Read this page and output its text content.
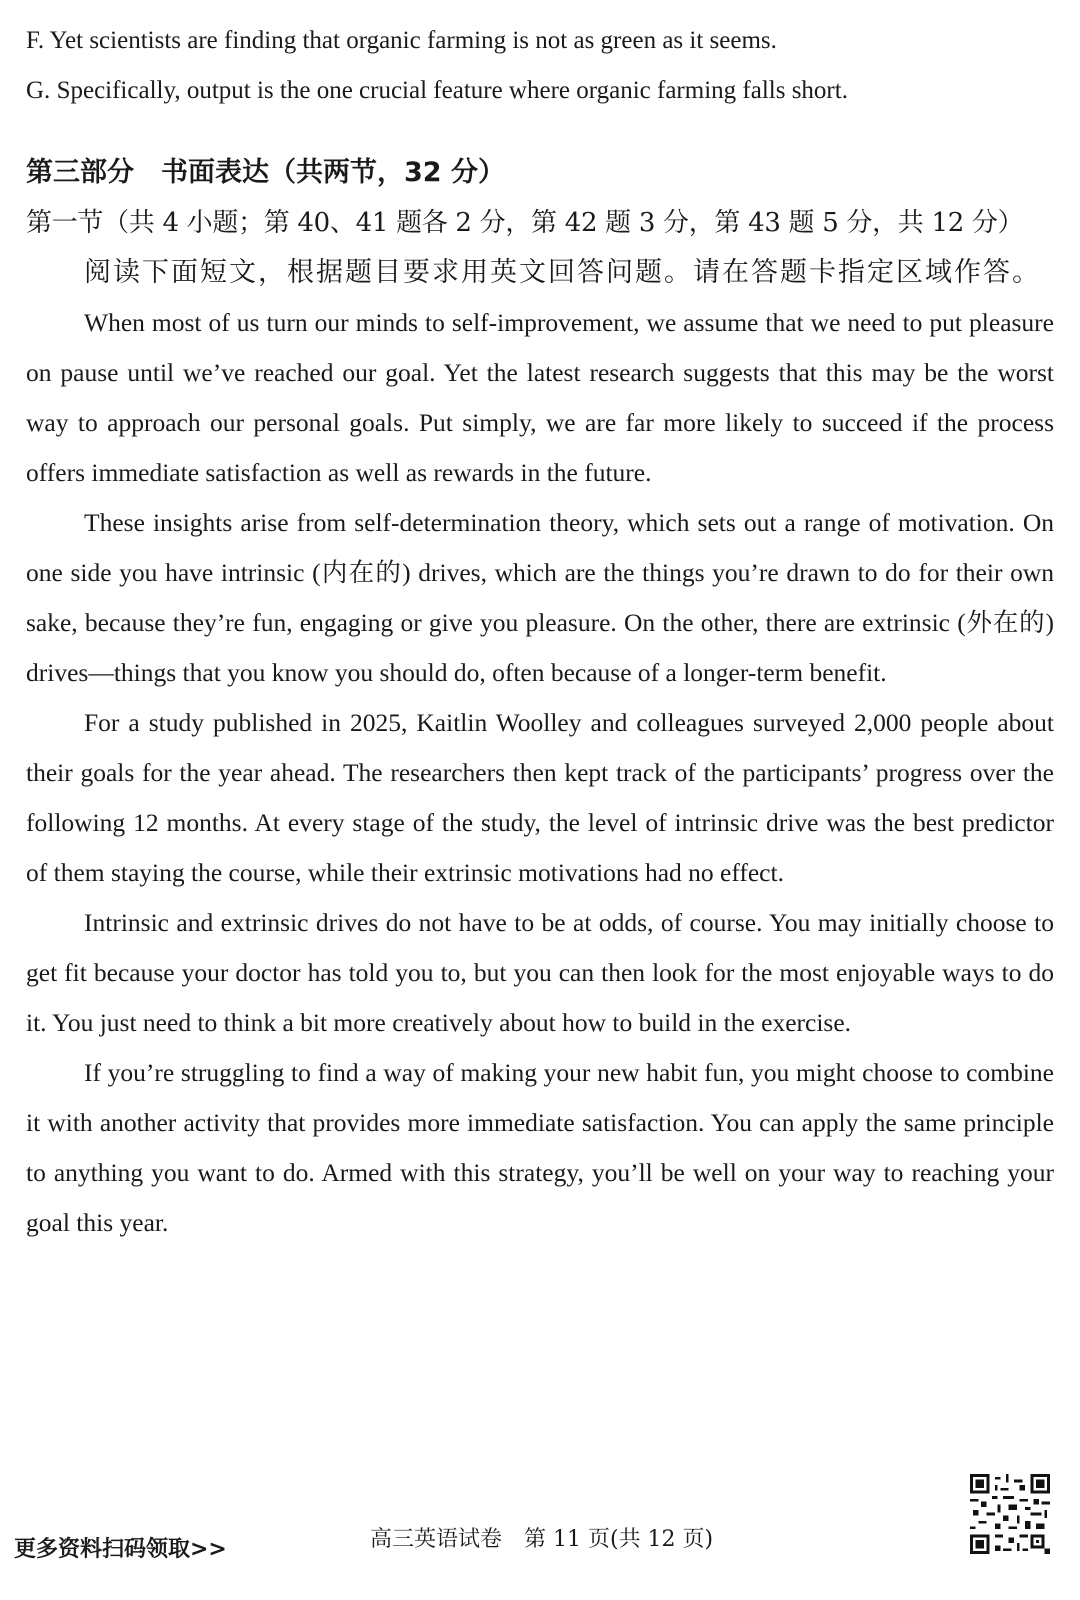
F. Yet scientists are finding that organic farming is not as green as it seems.
G. Specifically, output is the one crucial feature where organic farming falls short.
第三部分　书面表达（共两节，32 分）
第一节（共 4 小题；第 40、41 题各 2 分，第 42 题 3 分，第 43 题 5 分，共 12 分）
阅读下面短文，根据题目要求用英文回答问题。请在答题卡指定区域作答。

When most of us turn our minds to self-improvement, we assume that we need to put pleasure on pause until we’ve reached our goal. Yet the latest research suggests that this may be the worst way to approach our personal goals. Put simply, we are far more likely to succeed if the process offers immediate satisfaction as well as rewards in the future.

These insights arise from self-determination theory, which sets out a range of motivation. On one side you have intrinsic (内在的) drives, which are the things you’re drawn to do for their own sake, because they’re fun, engaging or give you pleasure. On the other, there are extrinsic (外在的) drives—things that you know you should do, often because of a longer-term benefit.

For a study published in 2025, Kaitlin Woolley and colleagues surveyed 2,000 people about their goals for the year ahead. The researchers then kept track of the participants’ progress over the following 12 months. At every stage of the study, the level of intrinsic drive was the best predictor of them staying the course, while their extrinsic motivations had no effect.

Intrinsic and extrinsic drives do not have to be at odds, of course. You may initially choose to get fit because your doctor has told you to, but you can then look for the most enjoyable ways to do it. You just need to think a bit more creatively about how to build in the exercise.

If you’re struggling to find a way of making your new habit fun, you might choose to combine it with another activity that provides more immediate satisfaction. You can apply the same principle to anything you want to do. Armed with this strategy, you’ll be well on your way to reaching your goal this year.

更多资料扫码领取>>	高三英语试卷　第 11 页(共 12 页)
